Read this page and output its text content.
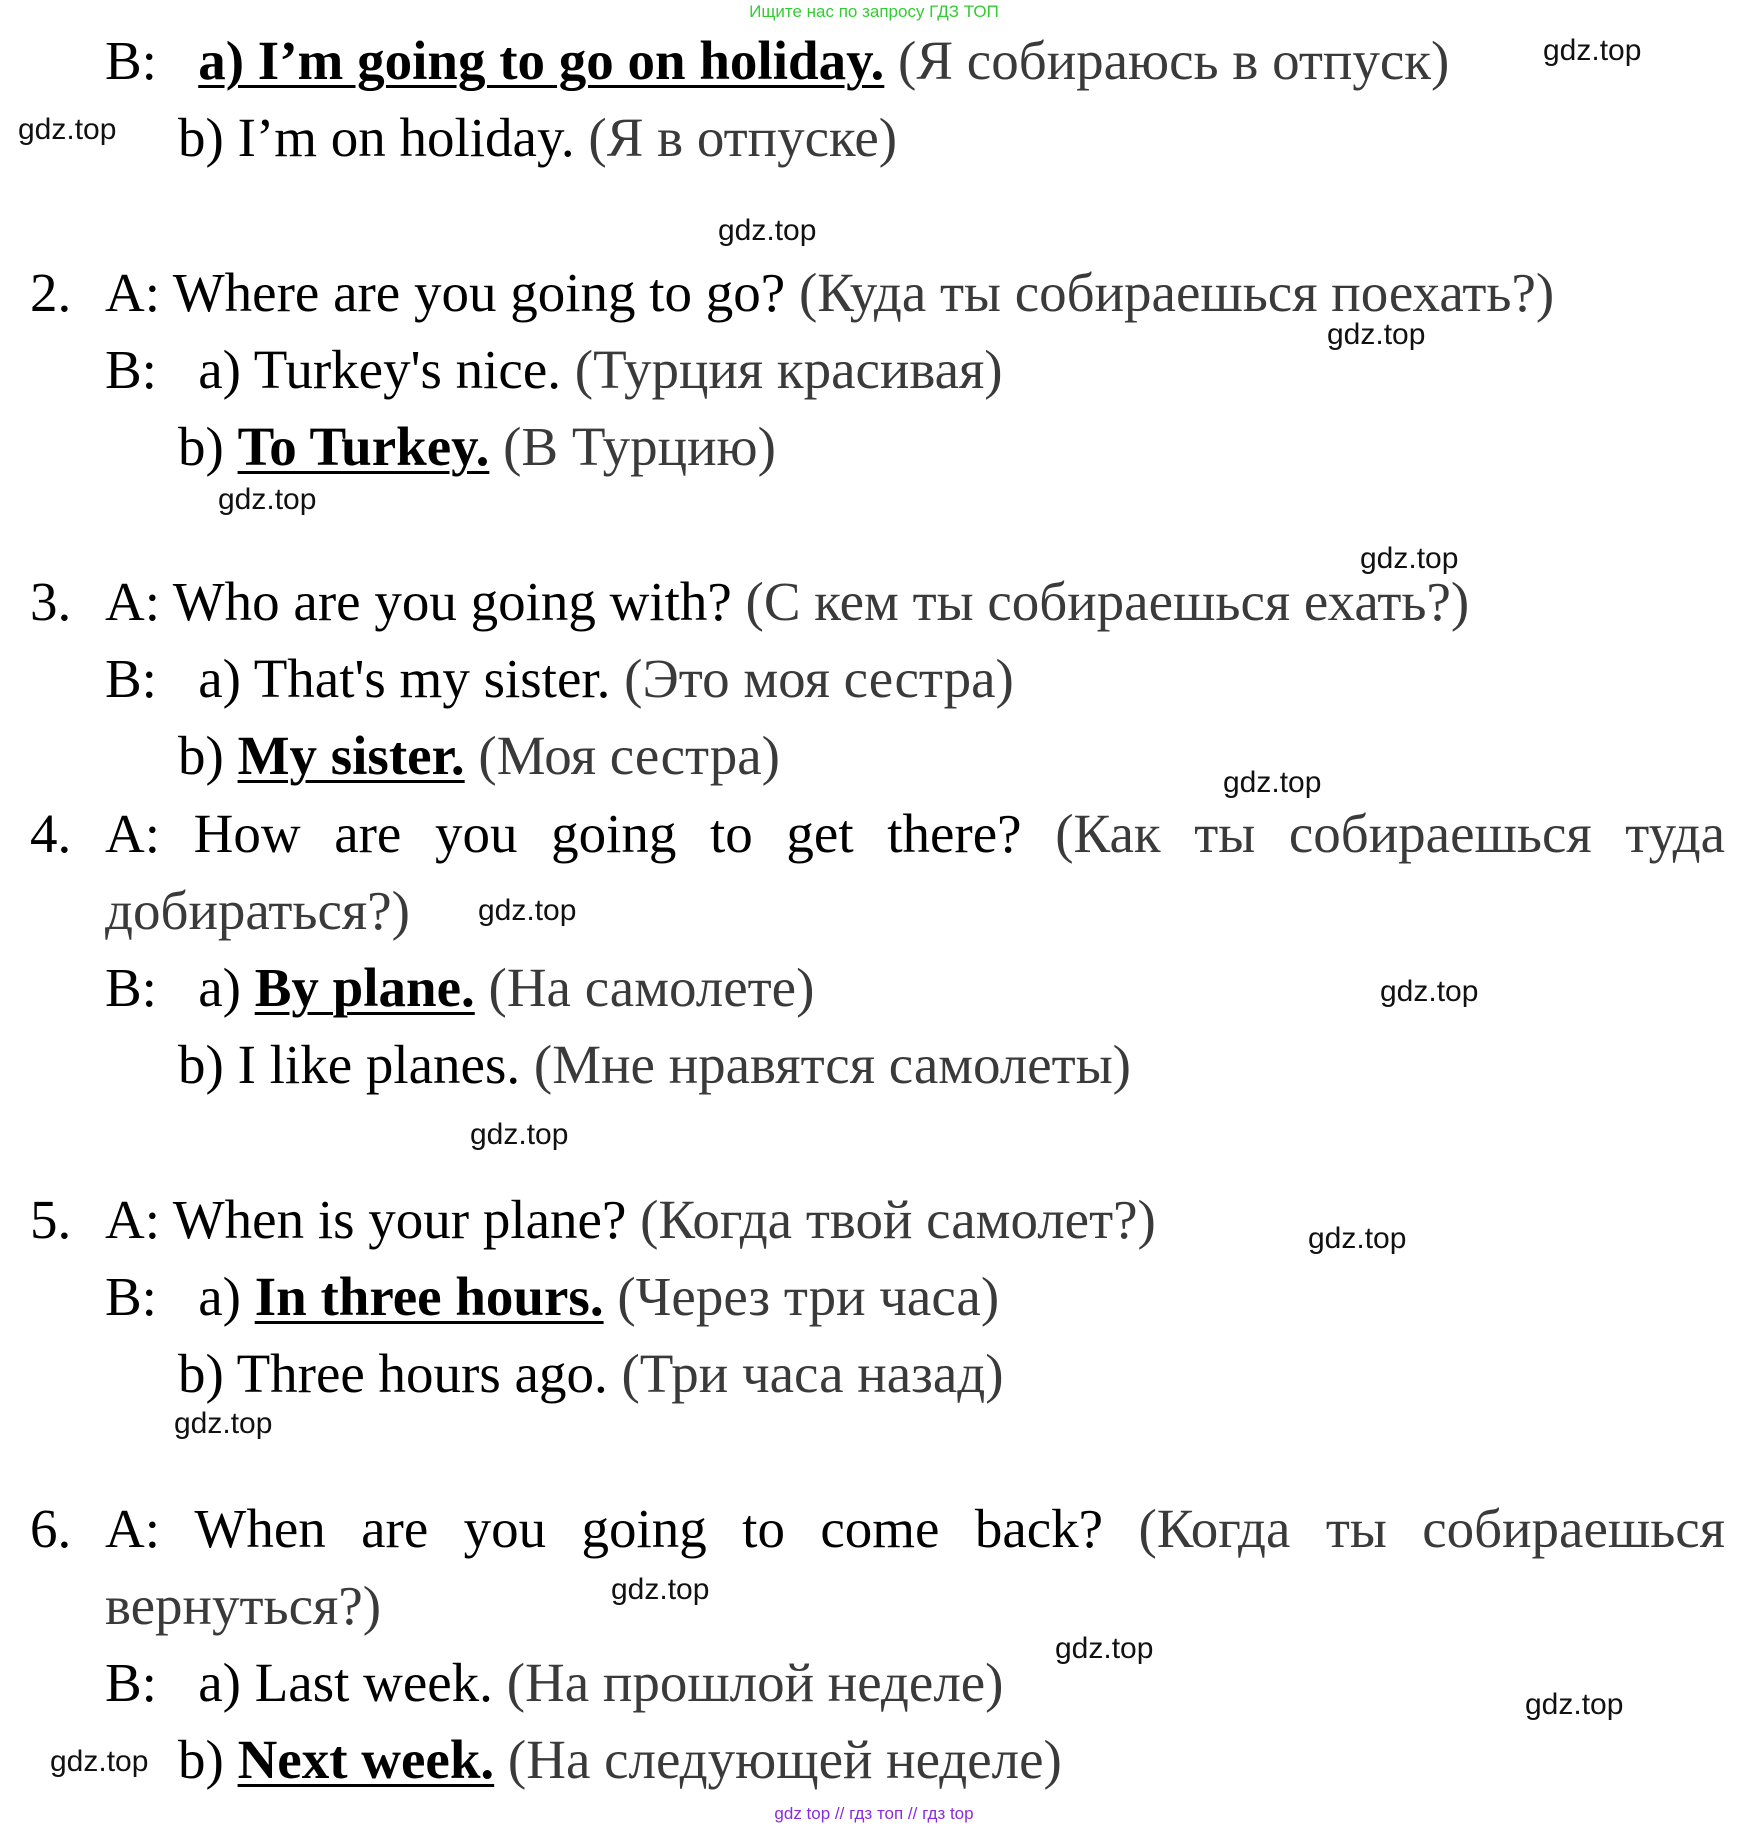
Ищите нас по запросу ГДЗ ТОП
B: a) I’m going to go on holiday. (Я собираюсь в отпуск)
b) I’m on holiday. (Я в отпуске)
2. A: Where are you going to go? (Куда ты собираешься поехать?)
B: a) Turkey's nice. (Турция красивая)
b) To Turkey. (В Турцию)
3. A: Who are you going with? (С кем ты собираешься ехать?)
B: a) That's my sister. (Это моя сестра)
b) My sister. (Моя сестра)
4. A: How are you going to get there? (Как ты собираешься туда
добираться?)
B: a) By plane. (На самолете)
b) I like planes. (Мне нравятся самолеты)
5. A: When is your plane? (Когда твой самолет?)
B: a) In three hours. (Через три часа)
b) Three hours ago. (Три часа назад)
6. A: When are you going to come back? (Когда ты собираешься
вернуться?)
B: a) Last week. (На прошлой неделе)
b) Next week. (На следующей неделе)
gdz.top
gdz.top
gdz.top
gdz.top
gdz.top
gdz.top
gdz.top
gdz.top
gdz.top
gdz.top
gdz.top
gdz.top
gdz.top
gdz.top
gdz.top
gdz.top
gdz top // гдз топ // гдз top
